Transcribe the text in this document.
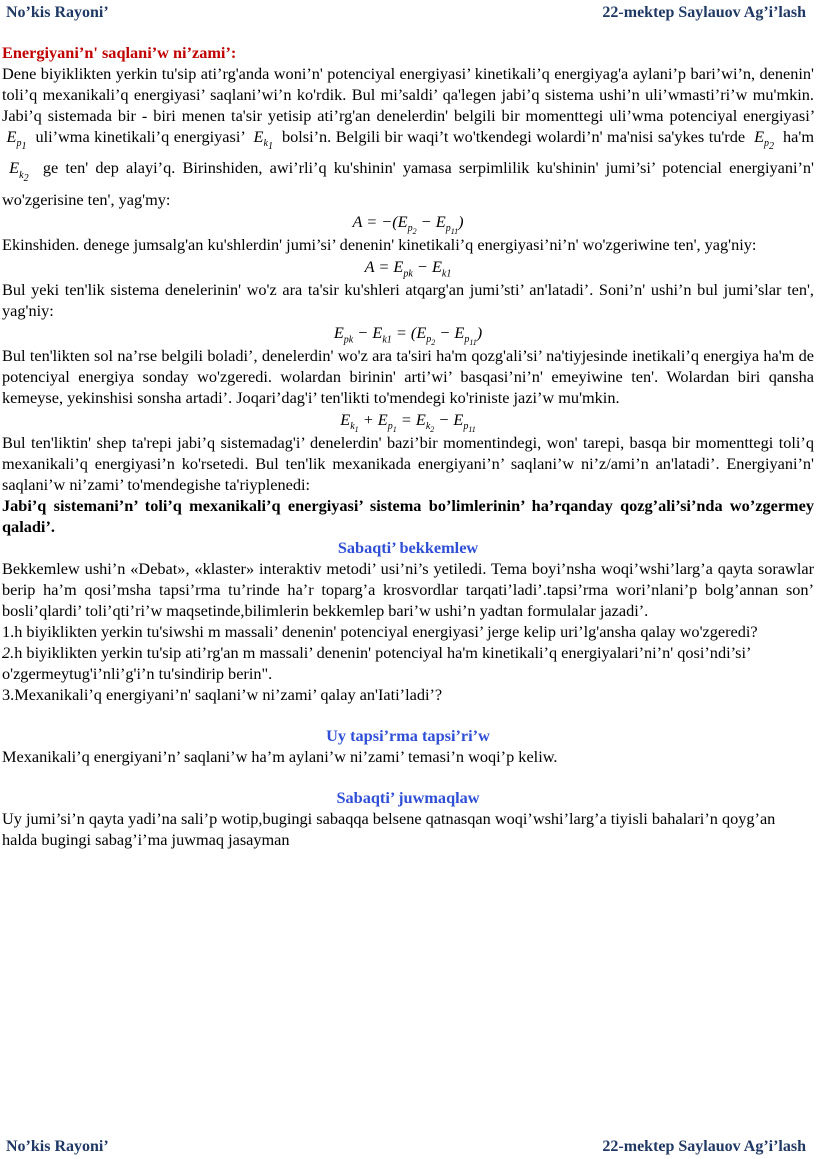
No’kis Rayoni’	22-mektep Saylauov Ag’i’lash

Energiyani’n' saqlani’w ni’zami’:

Dene biyiklikten yerkin tu'sip ati’rg'anda woni’n' potenciyal energiyasi’ kinetikali’q energiyag'a aylani’p bari’wi’n, denenin' toli’q mexanikali’q energiyasi’ saqlani’wi’n ko'rdik. Bul mi’saldi’ qa'legen jabi’q sistema ushi’n uli’wmasti’ri’w mu'mkin. Jabi’q sistemada bir - biri menen ta'sir yetisip ati’rg'an denelerdin' belgili bir momenttegi uli’wma potenciyal energiyasi’  $E_{p_1}$  uli’wma kinetikali’q energiyasi’  $E_{k_1}$  bolsi’n. Belgili bir waqi’t wo'tkendegi wolardi’n' ma'nisi sa'ykes tu'rde  $E_{p_2}$  ha'm  $E_{k_2}$  ge ten' dep alayi’q. Birinshiden, awi’rli’q ku'shinin' yamasa serpimlilik ku'shinin' jumi’si’ potencial energiyani’n' wo'zgerisine ten', yag'my:

$A = -(E_{p_2} - E_{p_{11}})$

Ekinshiden. denege jumsalg'an ku'shlerdin' jumi’si’ denenin' kinetikali’q energiyasi’ni’n' wo'zgeriwine ten', yag'niy:

$A = E_{pk} - E_{k1}$

Bul yeki ten'lik sistema denelerinin' wo'z ara ta'sir ku'shleri atqarg'an jumi’sti’ an'latadi’. Soni’n' ushi’n bul jumi’slar ten', yag'niy:

$E_{pk} - E_{k1} = (E_{p_2} - E_{p_{11}})$

Bul ten'likten sol na’rse belgili boladi’, denelerdin' wo'z ara ta'siri ha'm qozg'ali’si’ na'tiyjesinde inetikali’q energiya ha'm de potenciyal energiya sonday wo'zgeredi. wolardan birinin' arti’wi’ basqasi’ni’n' emeyiwine ten'. Wolardan biri qansha kemeyse, yekinshisi sonsha artadi’. Joqari’dag'i’ ten'likti to'mendegi ko'riniste jazi’w mu'mkin.

$E_{k_1} + E_{p_1} = E_{k_2} - E_{p_{11}}$

Bul ten'liktin' shep ta'repi jabi’q sistemadag'i’ denelerdin' bazi’bir momentindegi, won' tarepi, basqa bir momenttegi toli’q mexanikali’q energiyasi’n ko'rsetedi. Bul ten'lik mexanikada energiyani’n’ saqlani’w ni’z/ami’n an'latadi’. Energiyani’n' saqlani’w ni’zami’ to'mendegishe ta'riyplenedi:

Jabi’q sistemani’n’ toli’q mexanikali’q energiyasi’ sistema bo’limlerinin’ ha’rqanday qozg’ali’si’nda wo’zgermey qaladi’.

Sabaqti’ bekkemlew

Bekkemlew ushi’n «Debat», «klaster» interaktiv metodi’ usi’ni’s yetiledi. Tema boyi’nsha woqi’wshi’larg’a qayta sorawlar berip ha’m qosi’msha tapsi’rma tu’rinde ha’r toparg’a krosvordlar tarqati’ladi’.tapsi’rma wori’nlani’p bolg’annan son’ bosli’qlardi’ toli’qti’ri’w maqsetinde,bilimlerin bekkemlep bari’w ushi’n yadtan formulalar jazadi’.

1.h biyiklikten yerkin tu'siwshi m massali’ denenin' potenciyal energiyasi’ jerge kelip uri’lg'ansha qalay wo'zgeredi?

2.h biyiklikten yerkin tu'sip ati’rg'an m massali’ denenin' potenciyal ha'm kinetikali’q energiyalari’ni’n' qosi’ndi’si’ o'zgermeytug'i’nli’g'i’n tu'sindirip berin".

3.Mexanikali’q energiyani’n' saqlani’w ni’zami’ qalay an'Iati’ladi’?

Uy tapsi’rma tapsi’ri’w

Mexanikali’q energiyani’n’ saqlani’w ha’m aylani’w ni’zami’ temasi’n woqi’p keliw.

Sabaqti’ juwmaqlaw

Uy jumi’si’n qayta yadi’na sali’p wotip,bugingi sabaqqa belsene qatnasqan woqi’wshi’larg’a tiyisli bahalari’n qoyg’an halda bugingi sabag’i’ma juwmaq jasayman

No’kis Rayoni’	22-mektep Saylauov Ag’i’lash
